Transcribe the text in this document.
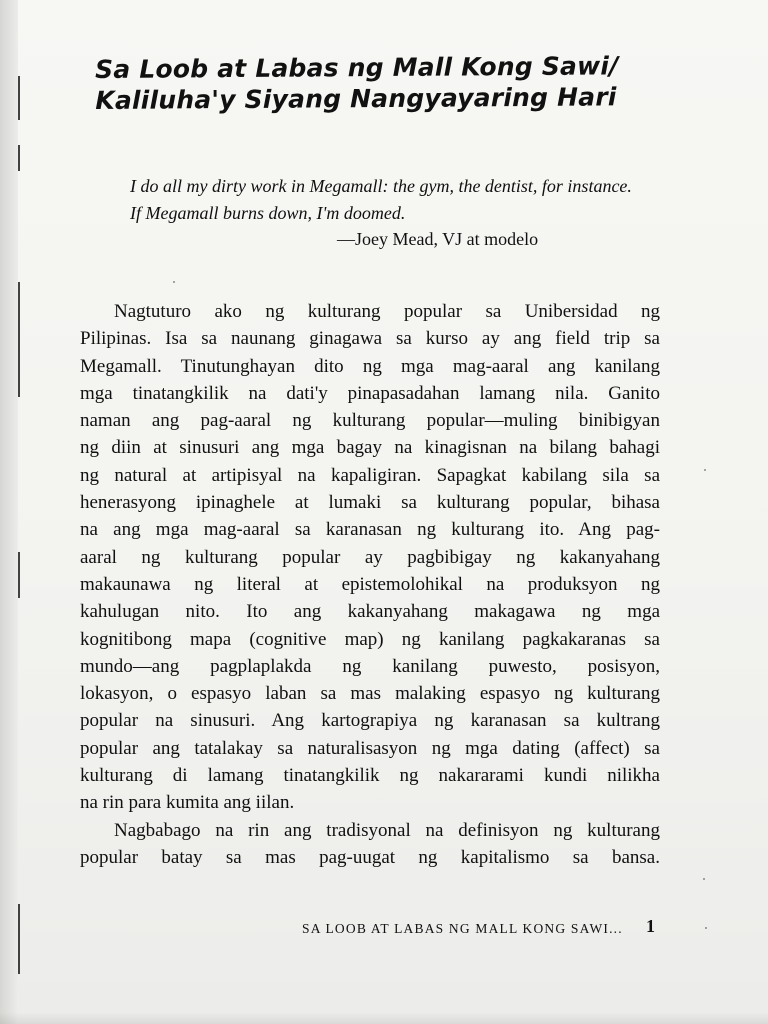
Sa Loob at Labas ng Mall Kong Sawi/
Kaliluha'y Siyang Nangyayaring Hari
I do all my dirty work in Megamall: the gym, the dentist, for instance.
If Megamall burns down, I'm doomed.
—Joey Mead, VJ at modelo
Nagtuturo ako ng kulturang popular sa Unibersidad ng
Pilipinas. Isa sa naunang ginagawa sa kurso ay ang field trip sa
Megamall. Tinutunghayan dito ng mga mag-aaral ang kanilang
mga tinatangkilik na dati'y pinapasadahan lamang nila. Ganito
naman ang pag-aaral ng kulturang popular—muling binibigyan
ng diin at sinusuri ang mga bagay na kinagisnan na bilang bahagi
ng natural at artipisyal na kapaligiran. Sapagkat kabilang sila sa
henerasyong ipinaghele at lumaki sa kulturang popular, bihasa
na ang mga mag-aaral sa karanasan ng kulturang ito. Ang pag-
aaral ng kulturang popular ay pagbibigay ng kakanyahang
makaunawa ng literal at epistemolohikal na produksyon ng
kahulugan nito. Ito ang kakanyahang makagawa ng mga
kognitibong mapa (cognitive map) ng kanilang pagkakaranas sa
mundo—ang pagplaplakda ng kanilang puwesto, posisyon,
lokasyon, o espasyo laban sa mas malaking espasyo ng kulturang
popular na sinusuri. Ang kartograpiya ng karanasan sa kultrang
popular ang tatalakay sa naturalisasyon ng mga dating (affect) sa
kulturang di lamang tinatangkilik ng nakararami kundi nilikha
na rin para kumita ang iilan.
Nagbabago na rin ang tradisyonal na definisyon ng kulturang
popular batay sa mas pag-uugat ng kapitalismo sa bansa.
SA LOOB AT LABAS NG MALL KONG SAWI...	1
